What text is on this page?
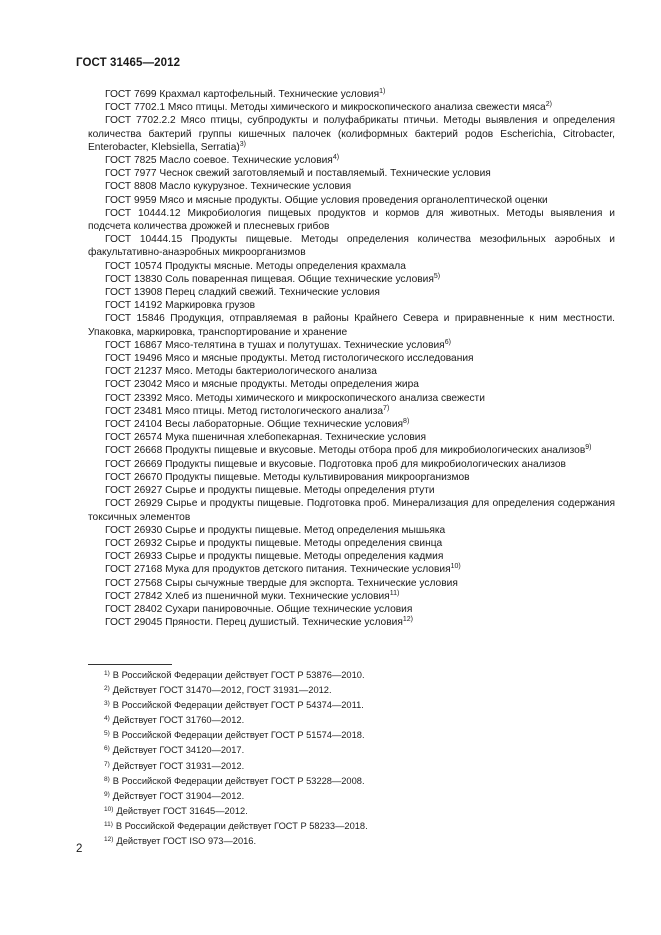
ГОСТ 31465—2012

ГОСТ 7699 Крахмал картофельный. Технические условия$^{1)}$

ГОСТ 7702.1 Мясо птицы. Методы химического и микроскопического анализа свежести мяса$^{2)}$

ГОСТ 7702.2.2 Мясо птицы, субпродукты и полуфабрикаты птичьи. Методы выявления и определения количества бактерий группы кишечных палочек (колиформных бактерий родов Escherichia, Citrobacter, Enterobacter, Klebsiella, Serratia)$^{3)}$

ГОСТ 7825 Масло соевое. Технические условия$^{4)}$

ГОСТ 7977 Чеснок свежий заготовляемый и поставляемый. Технические условия

ГОСТ 8808 Масло кукурузное. Технические условия

ГОСТ 9959 Мясо и мясные продукты. Общие условия проведения органолептической оценки

ГОСТ 10444.12 Микробиология пищевых продуктов и кормов для животных. Методы выявления и подсчета количества дрожжей и плесневых грибов

ГОСТ 10444.15 Продукты пищевые. Методы определения количества мезофильных аэробных и факультативно-анаэробных микроорганизмов

ГОСТ 10574 Продукты мясные. Методы определения крахмала

ГОСТ 13830 Соль поваренная пищевая. Общие технические условия$^{5)}$

ГОСТ 13908 Перец сладкий свежий. Технические условия

ГОСТ 14192 Маркировка грузов

ГОСТ 15846 Продукция, отправляемая в районы Крайнего Севера и приравненные к ним местности. Упаковка, маркировка, транспортирование и хранение

ГОСТ 16867 Мясо-телятина в тушах и полутушах. Технические условия$^{6)}$

ГОСТ 19496 Мясо и мясные продукты. Метод гистологического исследования

ГОСТ 21237 Мясо. Методы бактериологического анализа

ГОСТ 23042 Мясо и мясные продукты. Методы определения жира

ГОСТ 23392 Мясо. Методы химического и микроскопического анализа свежести

ГОСТ 23481 Мясо птицы. Метод гистологического анализа$^{7)}$

ГОСТ 24104 Весы лабораторные. Общие технические условия$^{8)}$

ГОСТ 26574 Мука пшеничная хлебопекарная. Технические условия

ГОСТ 26668 Продукты пищевые и вкусовые. Методы отбора проб для микробиологических анализов$^{9)}$

ГОСТ 26669 Продукты пищевые и вкусовые. Подготовка проб для микробиологических анализов

ГОСТ 26670 Продукты пищевые. Методы культивирования микроорганизмов

ГОСТ 26927 Сырье и продукты пищевые. Методы определения ртути

ГОСТ 26929 Сырье и продукты пищевые. Подготовка проб. Минерализация для определения содержания токсичных элементов

ГОСТ 26930 Сырье и продукты пищевые. Метод определения мышьяка

ГОСТ 26932 Сырье и продукты пищевые. Методы определения свинца

ГОСТ 26933 Сырье и продукты пищевые. Методы определения кадмия

ГОСТ 27168 Мука для продуктов детского питания. Технические условия$^{10)}$

ГОСТ 27568 Сыры сычужные твердые для экспорта. Технические условия

ГОСТ 27842 Хлеб из пшеничной муки. Технические условия$^{11)}$

ГОСТ 28402 Сухари панировочные. Общие технические условия

ГОСТ 29045 Пряности. Перец душистый. Технические условия$^{12)}$

$^{1)}$ В Российской Федерации действует ГОСТ Р 53876—2010.

$^{2)}$ Действует ГОСТ 31470—2012, ГОСТ 31931—2012.

$^{3)}$ В Российской Федерации действует ГОСТ Р 54374—2011.

$^{4)}$ Действует ГОСТ 31760—2012.

$^{5)}$ В Российской Федерации действует ГОСТ Р 51574—2018.

$^{6)}$ Действует ГОСТ 34120—2017.

$^{7)}$ Действует ГОСТ 31931—2012.

$^{8)}$ В Российской Федерации действует ГОСТ Р 53228—2008.

$^{9)}$ Действует ГОСТ 31904—2012.

$^{10)}$ Действует ГОСТ 31645—2012.

$^{11)}$ В Российской Федерации действует ГОСТ Р 58233—2018.

$^{12)}$ Действует ГОСТ ISO 973—2016.

2
